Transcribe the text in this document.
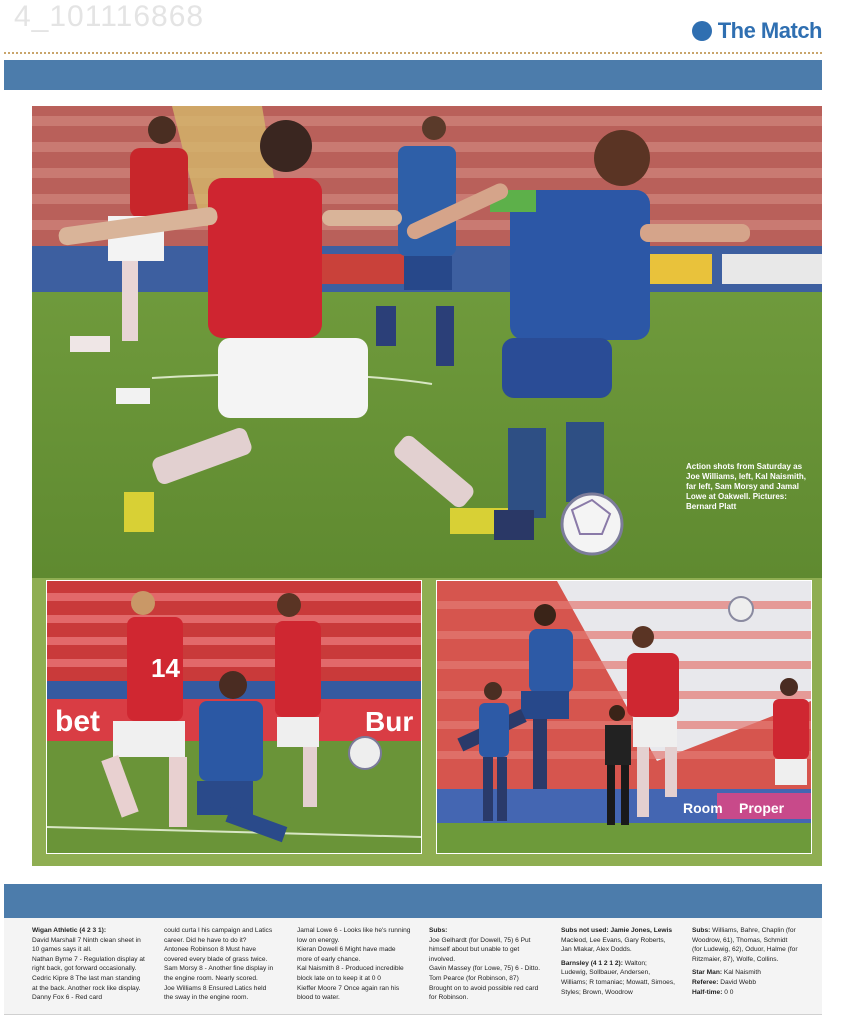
4_101116868	The Match
Action shots from Saturday as Joe Williams, left, Kal Naismith, far left, Sam Morsy and Jamal Lowe at Oakwell. Pictures: Bernard Platt
bet	Bur
14
Room Proper

Wigan Athletic (4 2 3 1):

David Marshall 7 Ninth clean sheet in

10 games says it all.

Nathan Byrne 7 - Regulation display at

right back, got forward occasionally.

Cedric Kipre 8 The last man standing

at the back. Another rock like display.

Danny Fox 6 - Red card

could curta l his campaign and Latics

career. Did he have to do it?

Antonee Robinson 8 Must have

covered every blade of grass twice.

Sam Morsy 8 - Another fine display in

the engine room. Nearly scored.

Joe Williams 8 Ensured Latics held

the sway in the engine room.

Jamal Lowe 6 - Looks like he's running

low on energy.

Kieran Dowell 6 Might have made

more of early chance.

Kal Naismith 8 - Produced incredible

block late on to keep it at 0 0

Kieffer Moore 7 Once again ran his

blood to water.

Subs:

Joe Gelhardt (for Dowell, 75) 6 Put

himself about but unable to get

involved.

Gavin Massey (for Lowe, 75) 6 - Ditto.

Tom Pearce (for Robinson, 87)

Brought on to avoid possible red card

for Robinson.

Subs not used: Jamie Jones, Lewis

Macleod, Lee Evans, Gary Roberts,

Jan Mlakar, Alex Dodds.

Barnsley (4 1 2 1 2): Walton;

Ludewig, Sollbauer, Andersen,

Williams; R tomaniac; Mowatt, Simoes,

Styles; Brown, Woodrow

Subs: Williams, Bahre, Chaplin (for

Woodrow, 61), Thomas, Schmidt

(for Ludewig, 62), Oduor, Halme (for

Ritzmaier, 87), Wolfe, Collins.

Star Man: Kal Naismith

Referee: David Webb

Half-time: 0 0
